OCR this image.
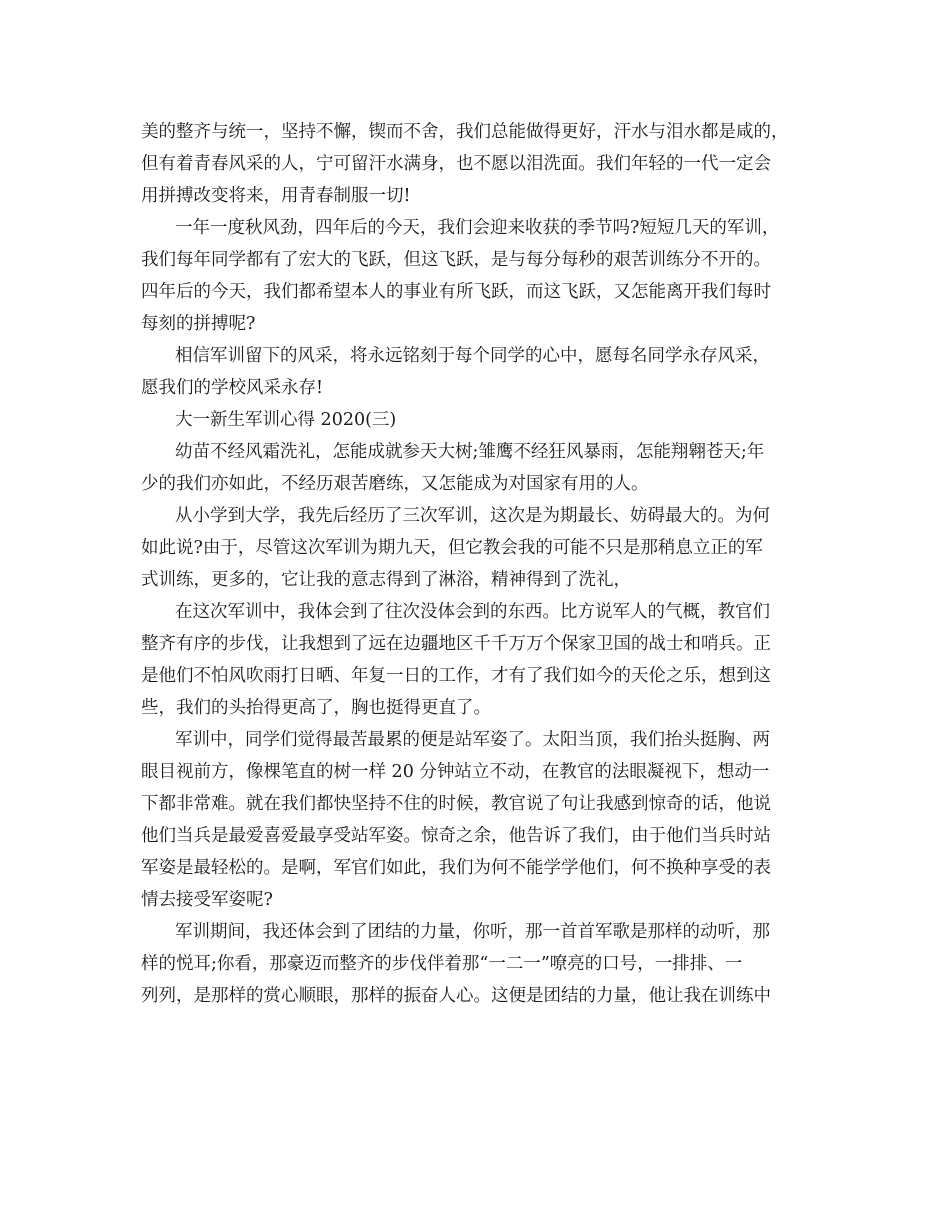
美的整齐与统一，坚持不懈，锲而不舍，我们总能做得更好，汗水与泪水都是咸的，
但有着青春风采的人，宁可留汗水满身，也不愿以泪洗面。我们年轻的一代一定会
用拼搏改变将来，用青春制服一切!
一年一度秋风劲，四年后的今天，我们会迎来收获的季节吗?短短几天的军训，
我们每年同学都有了宏大的飞跃，但这飞跃，是与每分每秒的艰苦训练分不开的。
四年后的今天，我们都希望本人的事业有所飞跃，而这飞跃，又怎能离开我们每时
每刻的拼搏呢?
相信军训留下的风采，将永远铭刻于每个同学的心中，愿每名同学永存风采，
愿我们的学校风采永存!
大一新生军训心得 2020(三)
幼苗不经风霜洗礼，怎能成就参天大树;雏鹰不经狂风暴雨，怎能翔翱苍天;年
少的我们亦如此，不经历艰苦磨练，又怎能成为对国家有用的人。
从小学到大学，我先后经历了三次军训，这次是为期最长、妨碍最大的。为何
如此说?由于，尽管这次军训为期九天，但它教会我的可能不只是那稍息立正的军
式训练，更多的，它让我的意志得到了淋浴，精神得到了洗礼，
在这次军训中，我体会到了往次没体会到的东西。比方说军人的气概，教官们
整齐有序的步伐，让我想到了远在边疆地区千千万万个保家卫国的战士和哨兵。正
是他们不怕风吹雨打日晒、年复一日的工作，才有了我们如今的天伦之乐，想到这
些，我们的头抬得更高了，胸也挺得更直了。
军训中，同学们觉得最苦最累的便是站军姿了。太阳当顶，我们抬头挺胸、两
眼目视前方，像棵笔直的树一样 20 分钟站立不动，在教官的法眼凝视下，想动一
下都非常难。就在我们都快坚持不住的时候，教官说了句让我感到惊奇的话，他说
他们当兵是最爱喜爱最享受站军姿。惊奇之余，他告诉了我们，由于他们当兵时站
军姿是最轻松的。是啊，军官们如此，我们为何不能学学他们，何不换种享受的表
情去接受军姿呢?
军训期间，我还体会到了团结的力量，你听，那一首首军歌是那样的动听，那
样的悦耳;你看，那豪迈而整齐的步伐伴着那“一二一”嘹亮的口号，一排排、一
列列，是那样的赏心顺眼，那样的振奋人心。这便是团结的力量，他让我在训练中
